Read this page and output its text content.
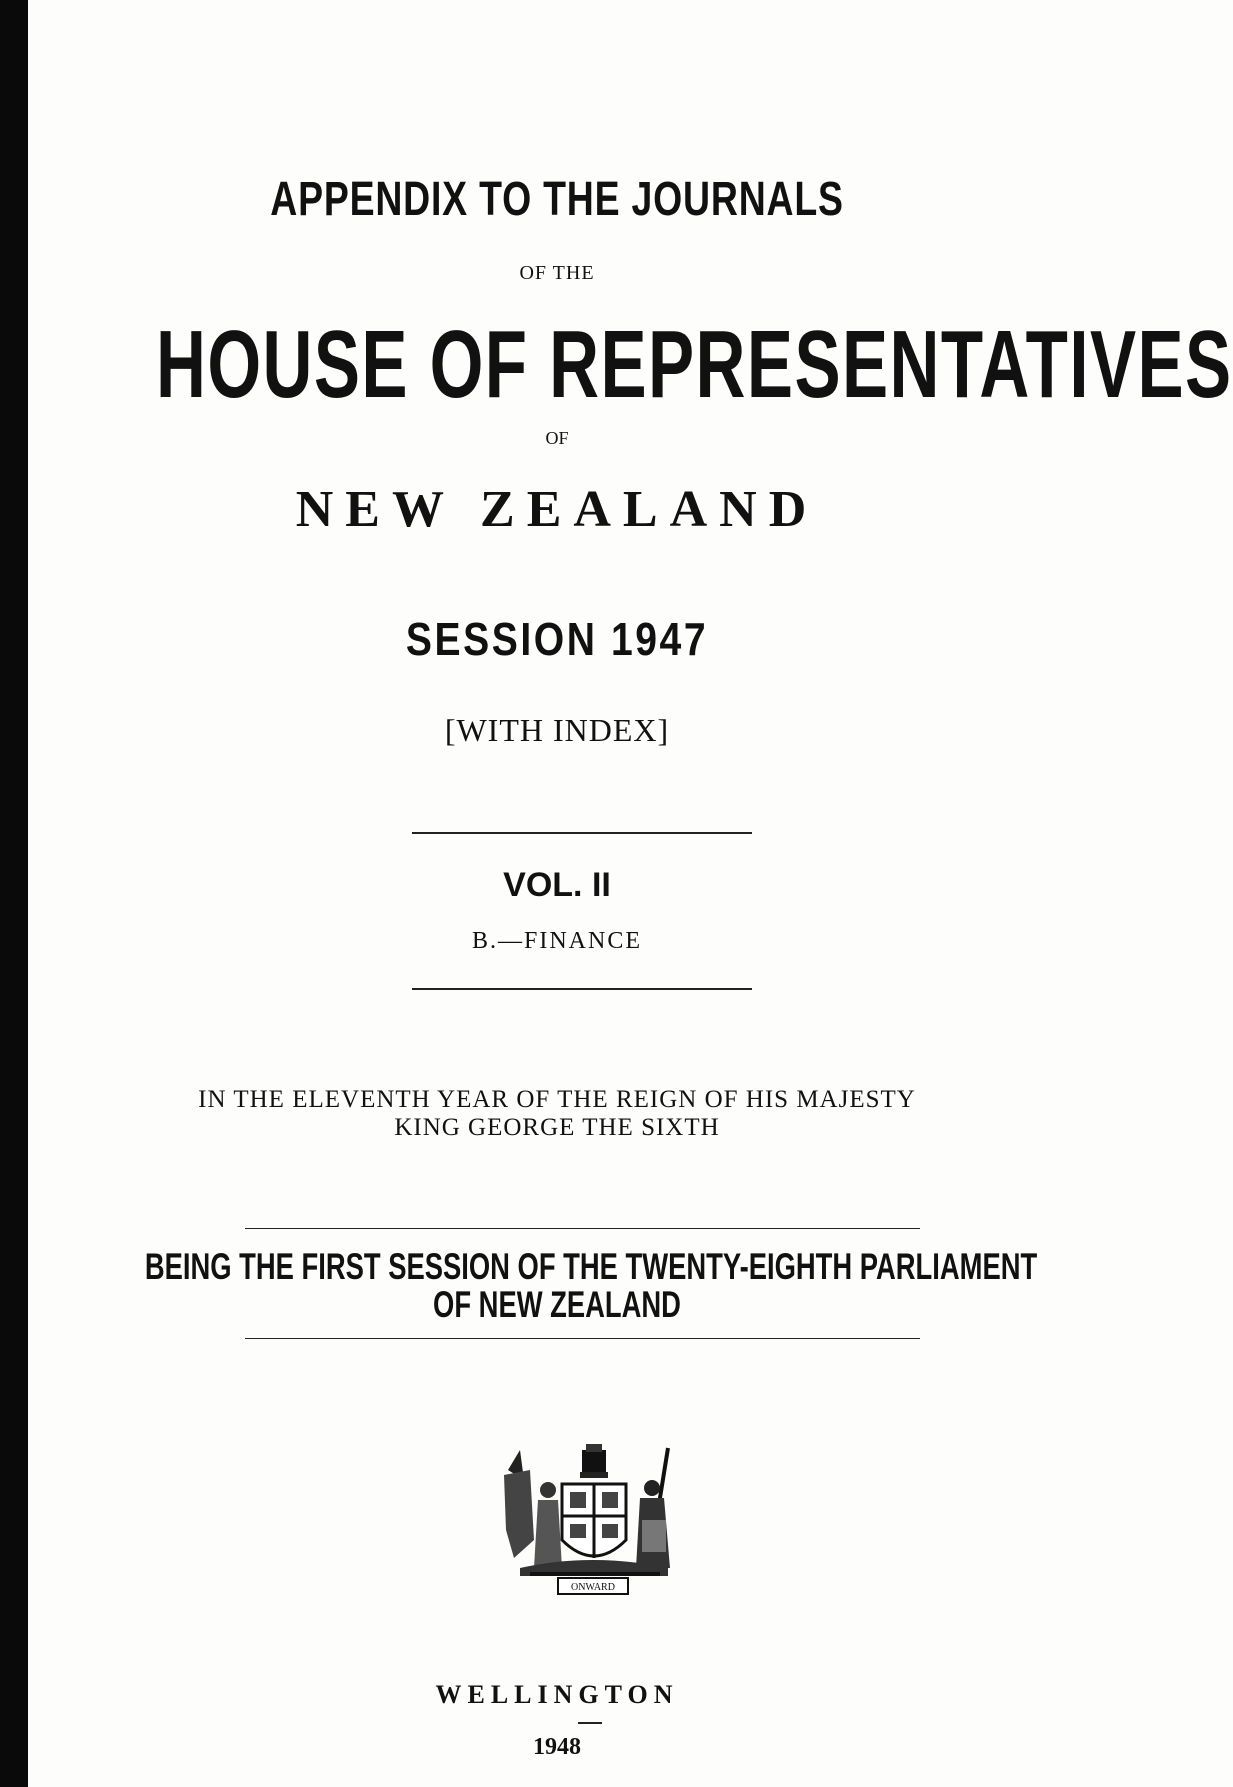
APPENDIX TO THE JOURNALS
OF THE
HOUSE OF REPRESENTATIVES
OF
NEW ZEALAND
SESSION 1947
[WITH INDEX]
VOL. II
B.—FINANCE
IN THE ELEVENTH YEAR OF THE REIGN OF HIS MAJESTY
KING GEORGE THE SIXTH
BEING THE FIRST SESSION OF THE TWENTY-EIGHTH PARLIAMENT
OF NEW ZEALAND
ONWARD
WELLINGTON
1948
